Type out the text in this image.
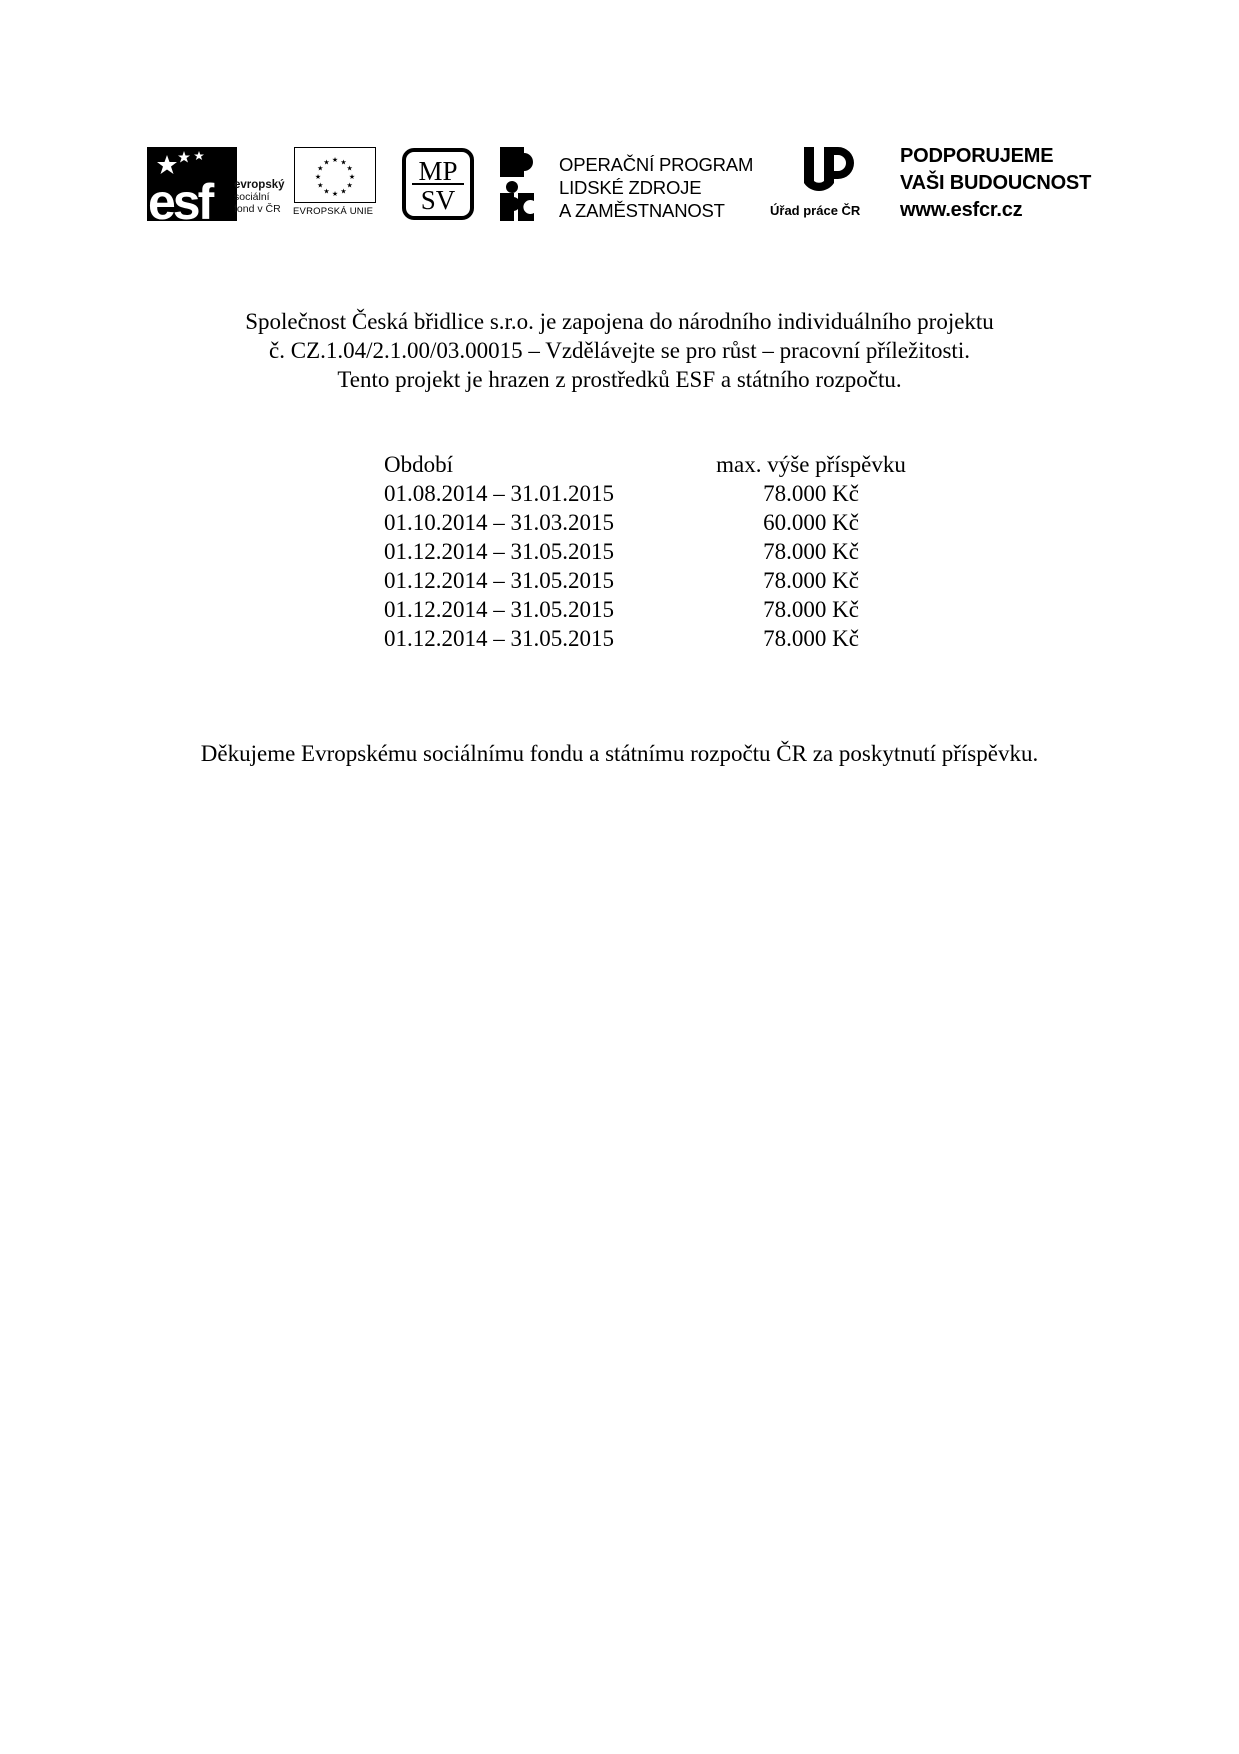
esf evropský
sociální
fond v ČR
★ ★
★
★
★
★
★
★
★
★
★
★
EVROPSKÁ UNIE
MP
SV
OPERAČNÍ PROGRAM
LIDSKÉ ZDROJE
A ZAMĚSTNANOST	Úřad práce ČR
PODPORUJEME
VAŠI BUDOUCNOST
www.esfcr.cz
Společnost Česká břidlice s.r.o. je zapojena do národního individuálního projektu
č. CZ.1.04/2.1.00/03.00015 – Vzdělávejte se pro růst – pracovní příležitosti.
Tento projekt je hrazen z prostředků ESF a státního rozpočtu.
Období	max. výše příspěvku
01.08.2014 – 31.01.2015	78.000 Kč
01.10.2014 – 31.03.2015	60.000 Kč
01.12.2014 – 31.05.2015	78.000 Kč
01.12.2014 – 31.05.2015	78.000 Kč
01.12.2014 – 31.05.2015	78.000 Kč
01.12.2014 – 31.05.2015	78.000 Kč
Děkujeme Evropskému sociálnímu fondu a státnímu rozpočtu ČR za poskytnutí příspěvku.
